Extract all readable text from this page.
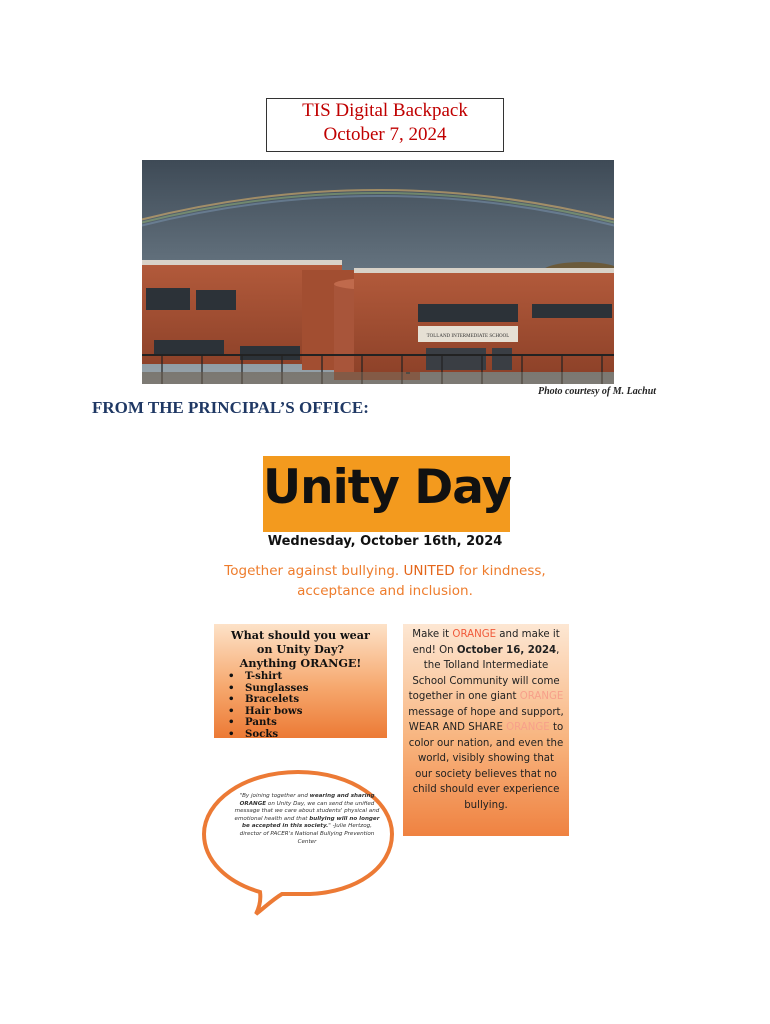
TIS Digital Backpack
October 7, 2024
TOLLAND INTERMEDIATE SCHOOL
Photo courtesy of M. Lachut
FROM THE PRINCIPAL’S OFFICE:
Unity Day
Wednesday, October 16th, 2024
Together against bullying. UNITED for kindness,
acceptance and inclusion.
What should you wear
on Unity Day?
Anything ORANGE!
• T-shirt
• Sunglasses
• Bracelets
• Hair bows
• Pants
• Socks
Make it ORANGE and make it end! On October 16, 2024, the Tolland Intermediate School Community will come together in one giant ORANGE message of hope and support, WEAR AND SHARE ORANGE to color our nation, and even the world, visibly showing that our society believes that no child should ever experience bullying.
"By joining together and wearing and sharing ORANGE on Unity Day, we can send the unified message that we care about students' physical and emotional health and that bullying will no longer be accepted in this society." -Julie Hertzog, director of PACER's National Bullying Prevention Center
